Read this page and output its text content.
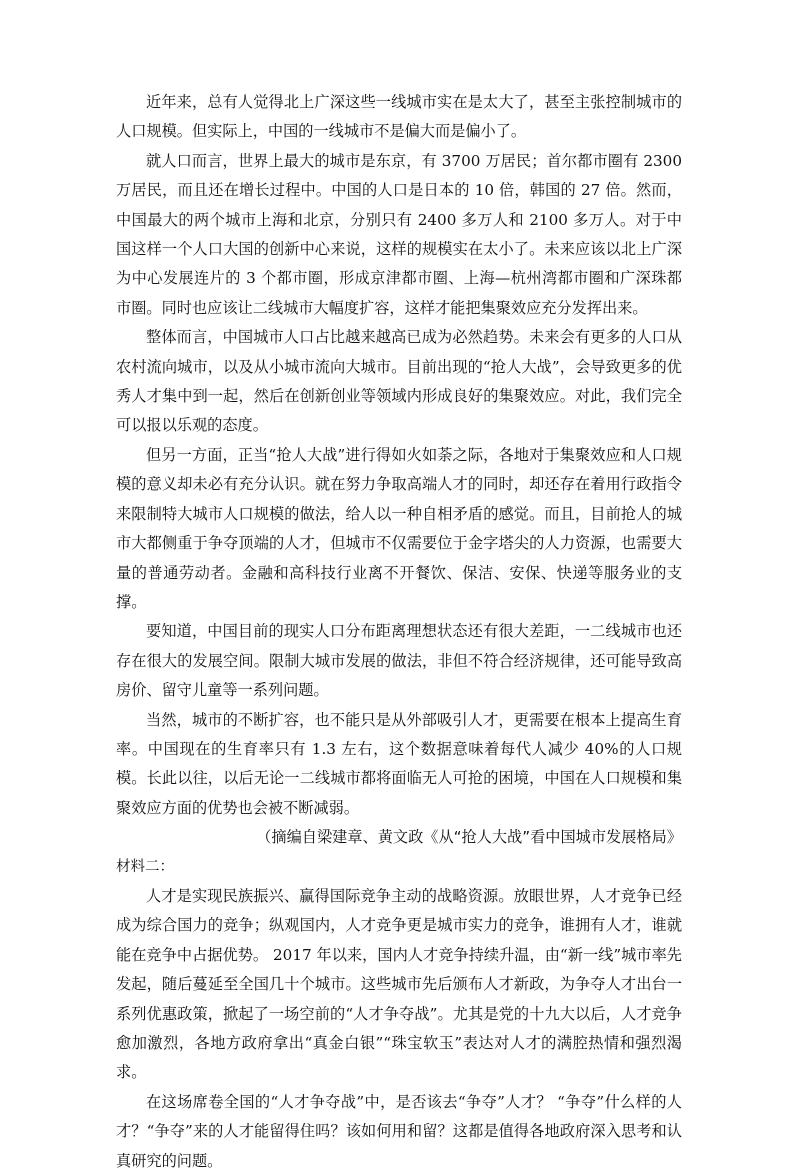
近年来，总有人觉得北上广深这些一线城市实在是太大了，甚至主张控制城市的人口规模。但实际上，中国的一线城市不是偏大而是偏小了。

就人口而言，世界上最大的城市是东京，有 3700 万居民；首尔都市圈有 2300 万居民，而且还在增长过程中。中国的人口是日本的 10 倍，韩国的 27 倍。然而，中国最大的两个城市上海和北京，分别只有 2400 多万人和 2100 多万人。对于中国这样一个人口大国的创新中心来说，这样的规模实在太小了。未来应该以北上广深为中心发展连片的 3 个都市圈，形成京津都市圈、上海—杭州湾都市圈和广深珠都市圈。同时也应该让二线城市大幅度扩容，这样才能把集聚效应充分发挥出来。

整体而言，中国城市人口占比越来越高已成为必然趋势。未来会有更多的人口从农村流向城市，以及从小城市流向大城市。目前出现的“抢人大战”，会导致更多的优秀人才集中到一起，然后在创新创业等领域内形成良好的集聚效应。对此，我们完全可以报以乐观的态度。

但另一方面，正当“抢人大战”进行得如火如荼之际，各地对于集聚效应和人口规模的意义却未必有充分认识。就在努力争取高端人才的同时，却还存在着用行政指令来限制特大城市人口规模的做法，给人以一种自相矛盾的感觉。而且，目前抢人的城市大都侧重于争夺顶端的人才，但城市不仅需要位于金字塔尖的人力资源，也需要大量的普通劳动者。金融和高科技行业离不开餐饮、保洁、安保、快递等服务业的支撑。

要知道，中国目前的现实人口分布距离理想状态还有很大差距，一二线城市也还存在很大的发展空间。限制大城市发展的做法，非但不符合经济规律，还可能导致高房价、留守儿童等一系列问题。

当然，城市的不断扩容，也不能只是从外部吸引人才，更需要在根本上提高生育率。中国现在的生育率只有 1.3 左右，这个数据意味着每代人减少 40%的人口规模。长此以往，以后无论一二线城市都将面临无人可抢的困境，中国在人口规模和集聚效应方面的优势也会被不断减弱。

（摘编自梁建章、黄文政《从“抢人大战”看中国城市发展格局》

材料二：

人才是实现民族振兴、赢得国际竞争主动的战略资源。放眼世界，人才竞争已经成为综合国力的竞争；纵观国内，人才竞争更是城市实力的竞争，谁拥有人才，谁就能在竞争中占据优势。 2017 年以来，国内人才竞争持续升温，由“新一线”城市率先发起，随后蔓延至全国几十个城市。这些城市先后颁布人才新政，为争夺人才出台一系列优惠政策，掀起了一场空前的“人才争夺战”。尤其是党的十九大以后，人才竞争愈加激烈，各地方政府拿出“真金白银”“珠宝软玉”表达对人才的满腔热情和强烈渴求。

在这场席卷全国的“人才争夺战”中，是否该去“争夺”人才？ “争夺”什么样的人才？“争夺”来的人才能留得住吗？该如何用和留？这都是值得各地政府深入思考和认真研究的问题。
